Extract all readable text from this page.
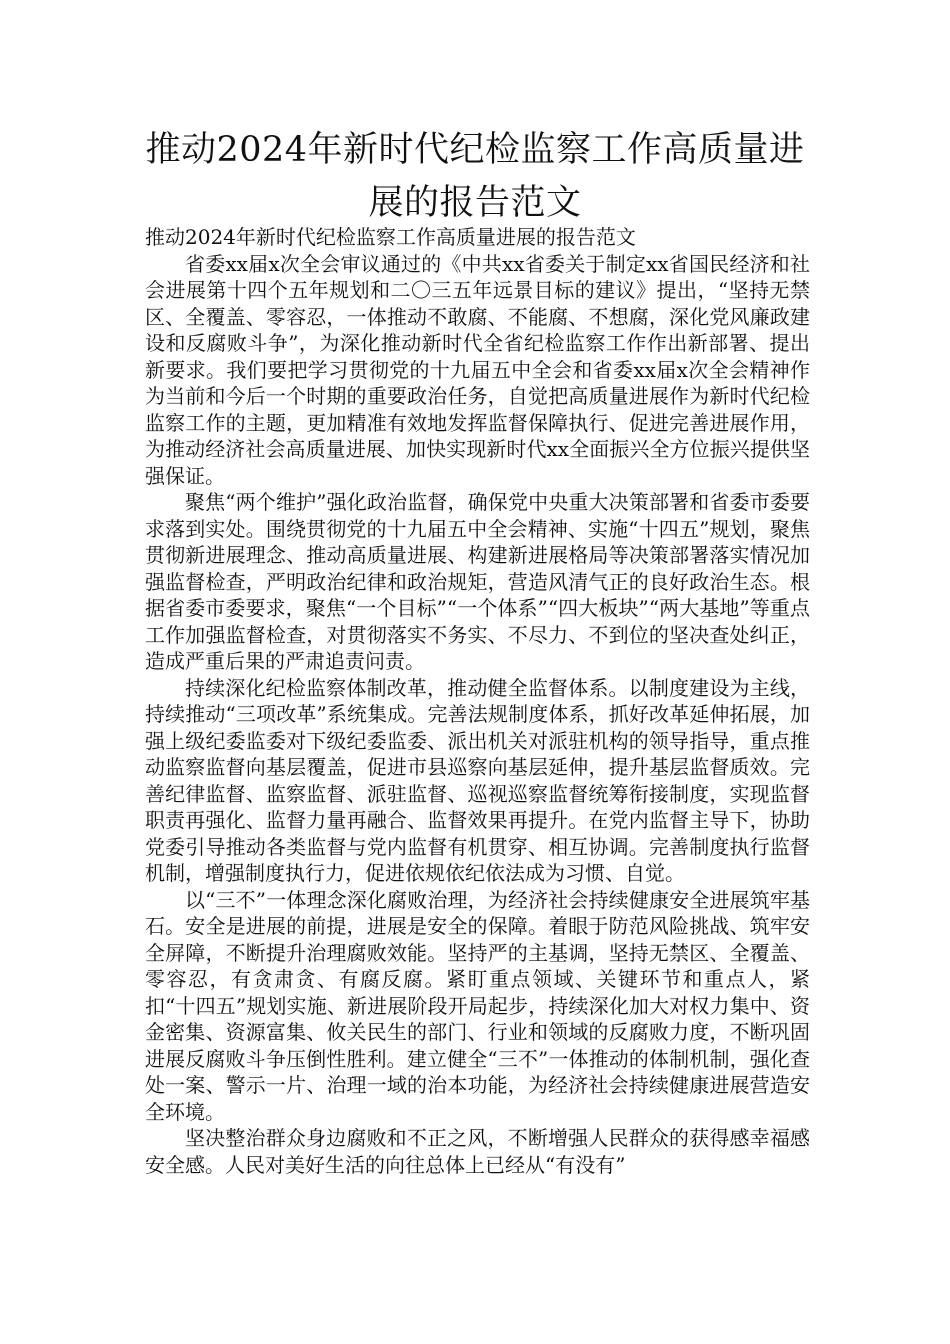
推动2024年新时代纪检监察工作高质量进展的报告范文

推动2024年新时代纪检监察工作高质量进展的报告范文

省委xx届x次全会审议通过的《中共xx省委关于制定xx省国民经济和社会进展第十四个五年规划和二〇三五年远景目标的建议》提出，“坚持无禁区、全覆盖、零容忍，一体推动不敢腐、不能腐、不想腐，深化党风廉政建设和反腐败斗争”，为深化推动新时代全省纪检监察工作作出新部署、提出新要求。我们要把学习贯彻党的十九届五中全会和省委xx届x次全会精神作为当前和今后一个时期的重要政治任务，自觉把高质量进展作为新时代纪检监察工作的主题，更加精准有效地发挥监督保障执行、促进完善进展作用，为推动经济社会高质量进展、加快实现新时代xx全面振兴全方位振兴提供坚强保证。

聚焦“两个维护”强化政治监督，确保党中央重大决策部署和省委市委要求落到实处。围绕贯彻党的十九届五中全会精神、实施“十四五”规划，聚焦贯彻新进展理念、推动高质量进展、构建新进展格局等决策部署落实情况加强监督检查，严明政治纪律和政治规矩，营造风清气正的良好政治生态。根据省委市委要求，聚焦“一个目标”“一个体系”“四大板块”“两大基地”等重点工作加强监督检查，对贯彻落实不务实、不尽力、不到位的坚决查处纠正，造成严重后果的严肃追责问责。

持续深化纪检监察体制改革，推动健全监督体系。以制度建设为主线，持续推动“三项改革”系统集成。完善法规制度体系，抓好改革延伸拓展，加强上级纪委监委对下级纪委监委、派出机关对派驻机构的领导指导，重点推动监察监督向基层覆盖，促进市县巡察向基层延伸，提升基层监督质效。完善纪律监督、监察监督、派驻监督、巡视巡察监督统筹衔接制度，实现监督职责再强化、监督力量再融合、监督效果再提升。在党内监督主导下，协助党委引导推动各类监督与党内监督有机贯穿、相互协调。完善制度执行监督机制，增强制度执行力，促进依规依纪依法成为习惯、自觉。

以“三不”一体理念深化腐败治理，为经济社会持续健康安全进展筑牢基石。安全是进展的前提，进展是安全的保障。着眼于防范风险挑战、筑牢安全屏障，不断提升治理腐败效能。坚持严的主基调，坚持无禁区、全覆盖、零容忍，有贪肃贪、有腐反腐。紧盯重点领域、关键环节和重点人，紧扣“十四五”规划实施、新进展阶段开局起步，持续深化加大对权力集中、资金密集、资源富集、攸关民生的部门、行业和领域的反腐败力度，不断巩固进展反腐败斗争压倒性胜利。建立健全“三不”一体推动的体制机制，强化查处一案、警示一片、治理一域的治本功能，为经济社会持续健康进展营造安全环境。

坚决整治群众身边腐败和不正之风，不断增强人民群众的获得感幸福感安全感。人民对美好生活的向往总体上已经从“有没有”
